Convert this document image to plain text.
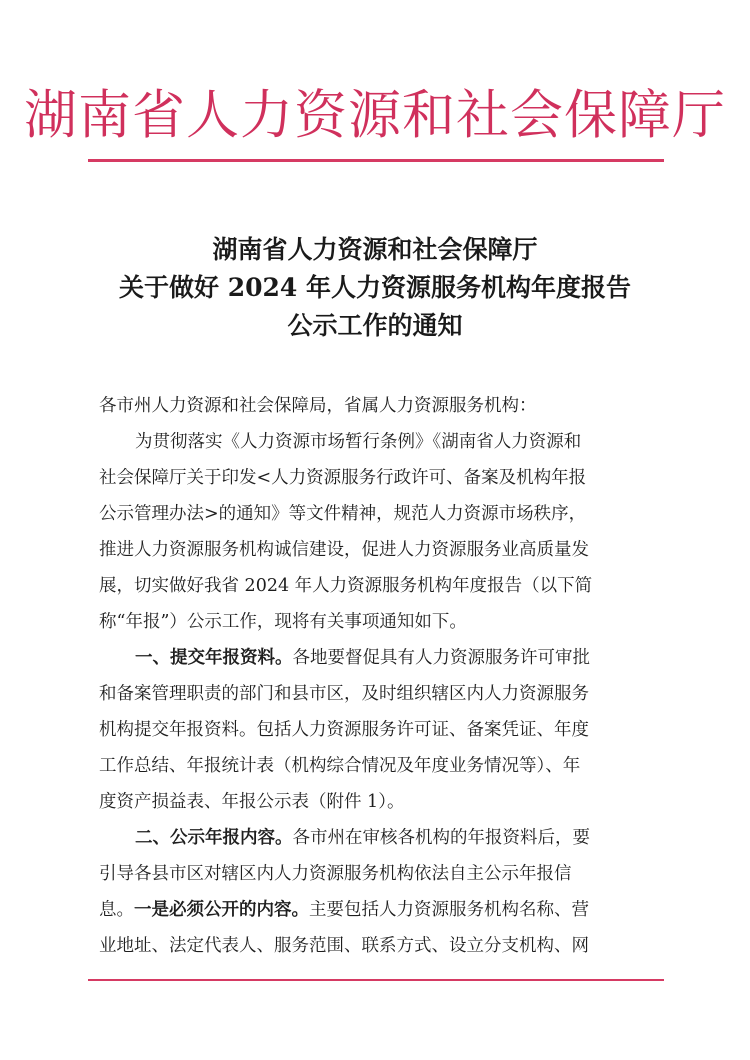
湖南省人力资源和社会保障厅
湖南省人力资源和社会保障厅
关于做好 2024 年人力资源服务机构年度报告
公示工作的通知
各市州人力资源和社会保障局，省属人力资源服务机构：
为贯彻落实《人力资源市场暂行条例》《湖南省人力资源和
社会保障厅关于印发<人力资源服务行政许可、备案及机构年报
公示管理办法>的通知》等文件精神，规范人力资源市场秩序，
推进人力资源服务机构诚信建设，促进人力资源服务业高质量发
展，切实做好我省 2024 年人力资源服务机构年度报告（以下简
称“年报”）公示工作，现将有关事项通知如下。
一、提交年报资料。各地要督促具有人力资源服务许可审批
和备案管理职责的部门和县市区，及时组织辖区内人力资源服务
机构提交年报资料。包括人力资源服务许可证、备案凭证、年度
工作总结、年报统计表（机构综合情况及年度业务情况等）、年
度资产损益表、年报公示表（附件 1）。
二、公示年报内容。各市州在审核各机构的年报资料后，要
引导各县市区对辖区内人力资源服务机构依法自主公示年报信
息。一是必须公开的内容。主要包括人力资源服务机构名称、营
业地址、法定代表人、服务范围、联系方式、设立分支机构、网
